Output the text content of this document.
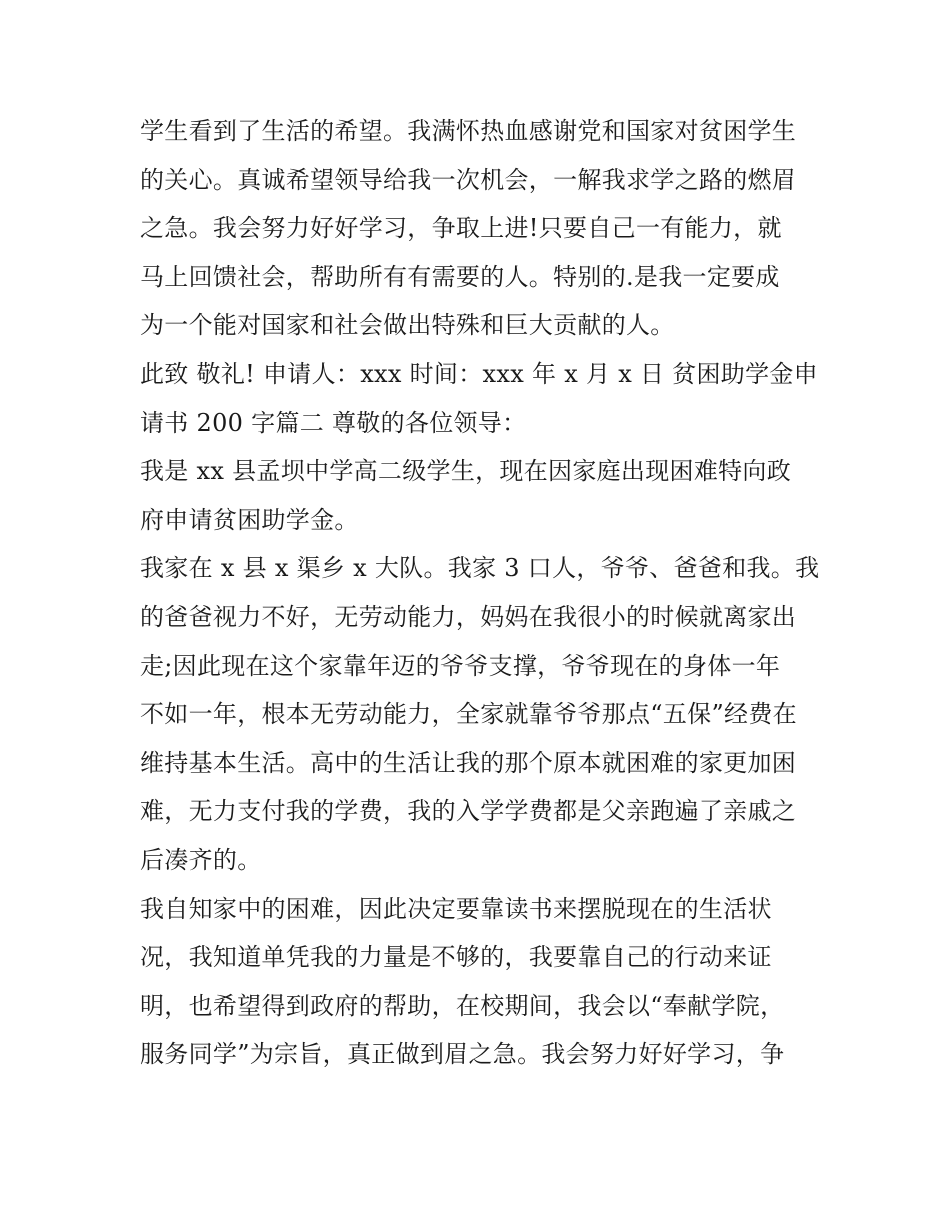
学生看到了生活的希望。我满怀热血感谢党和国家对贫困学生
的关心。真诚希望领导给我一次机会，一解我求学之路的燃眉
之急。我会努力好好学习，争取上进!只要自己一有能力，就
马上回馈社会，帮助所有有需要的人。特别的.是我一定要成
为一个能对国家和社会做出特殊和巨大贡献的人。
此致 敬礼! 申请人：xxx 时间：xxx 年 x 月 x 日 贫困助学金申
请书 200 字篇二 尊敬的各位领导：
我是 xx 县孟坝中学高二级学生，现在因家庭出现困难特向政
府申请贫困助学金。
我家在 x 县 x 渠乡 x 大队。我家 3 口人，爷爷、爸爸和我。我
的爸爸视力不好，无劳动能力，妈妈在我很小的时候就离家出
走;因此现在这个家靠年迈的爷爷支撑，爷爷现在的身体一年
不如一年，根本无劳动能力，全家就靠爷爷那点“五保”经费在
维持基本生活。高中的生活让我的那个原本就困难的家更加困
难，无力支付我的学费，我的入学学费都是父亲跑遍了亲戚之
后凑齐的。
我自知家中的困难，因此决定要靠读书来摆脱现在的生活状
况，我知道单凭我的力量是不够的，我要靠自己的行动来证
明，也希望得到政府的帮助，在校期间，我会以“奉献学院，
服务同学”为宗旨，真正做到眉之急。我会努力好好学习，争
